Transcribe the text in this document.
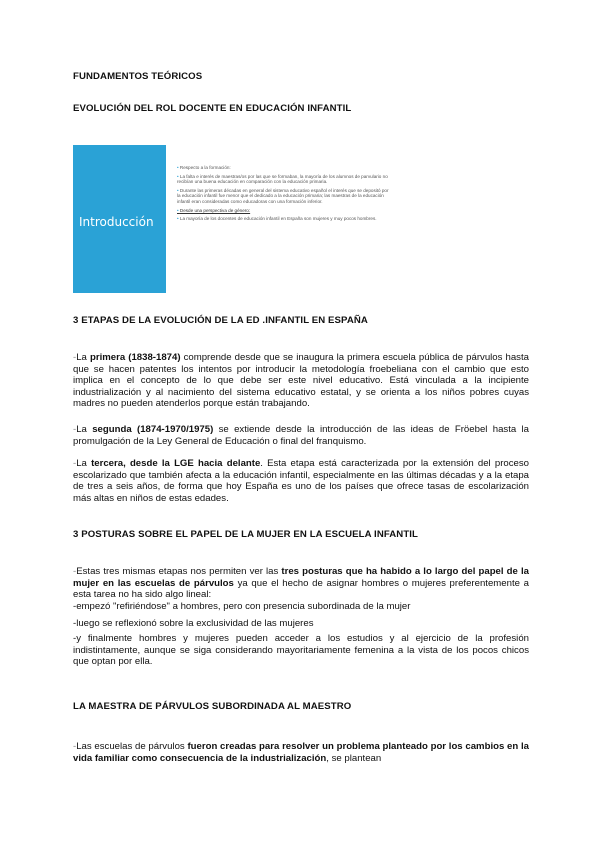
FUNDAMENTOS TEÓRICOS
EVOLUCIÓN DEL ROL DOCENTE EN EDUCACIÓN INFANTIL
Introducción
• Respecto a la formación:
• La falta e interés de maestras/os por las que se formaban, la mayoría de los alumnos de parvulario no recibían una buena educación en comparación con la educación primaria.
• Durante las primeras décadas en general del sistema educativo español el interés que se depositó por la educación infantil fue menor que el dedicado a la educación primaria; las maestras de la educación infantil eran consideradas como educadoras con una formación inferior.
• Desde una perspectiva de género:
• La mayoría de los docentes de educación infantil en España son mujeres y muy pocos hombres.
3 ETAPAS DE LA EVOLUCIÓN DE LA ED .INFANTIL EN ESPAÑA

-La primera (1838-1874) comprende desde que se inaugura la primera escuela pública de párvulos hasta que se hacen patentes los intentos por introducir la metodología froebeliana con el cambio que esto implica en el concepto de lo que debe ser este nivel educativo. Está vinculada a la incipiente industrialización y al nacimiento del sistema educativo estatal, y se orienta a los niños pobres cuyas madres no pueden atenderlos porque están trabajando.

-La segunda (1874-1970/1975) se extiende desde la introducción de las ideas de Fröebel hasta la promulgación de la Ley General de Educación o final del franquismo.

-La tercera, desde la LGE hacia delante. Esta etapa está caracterizada por la extensión del proceso escolarizado que también afecta a la educación infantil, especialmente en las últimas décadas y a la etapa de tres a seis años, de forma que hoy España es uno de los países que ofrece tasas de escolarización más altas en niños de estas edades.

3 POSTURAS SOBRE EL PAPEL DE LA MUJER EN LA ESCUELA INFANTIL

-Estas tres mismas etapas nos permiten ver las tres posturas que ha habido a lo largo del papel de la mujer en las escuelas de párvulos ya que el hecho de asignar hombres o mujeres preferentemente a esta tarea no ha sido algo lineal:

-empezó "refiriéndose" a hombres, pero con presencia subordinada de la mujer

-luego se reflexionó sobre la exclusividad de las mujeres

-y finalmente hombres y mujeres pueden acceder a los estudios y al ejercicio de la profesión indistintamente, aunque se siga considerando mayoritariamente femenina a la vista de los pocos chicos que optan por ella.

LA MAESTRA DE PÁRVULOS SUBORDINADA AL MAESTRO

-Las escuelas de párvulos fueron creadas para resolver un problema planteado por los cambios en la vida familiar como consecuencia de la industrialización, se plantean
